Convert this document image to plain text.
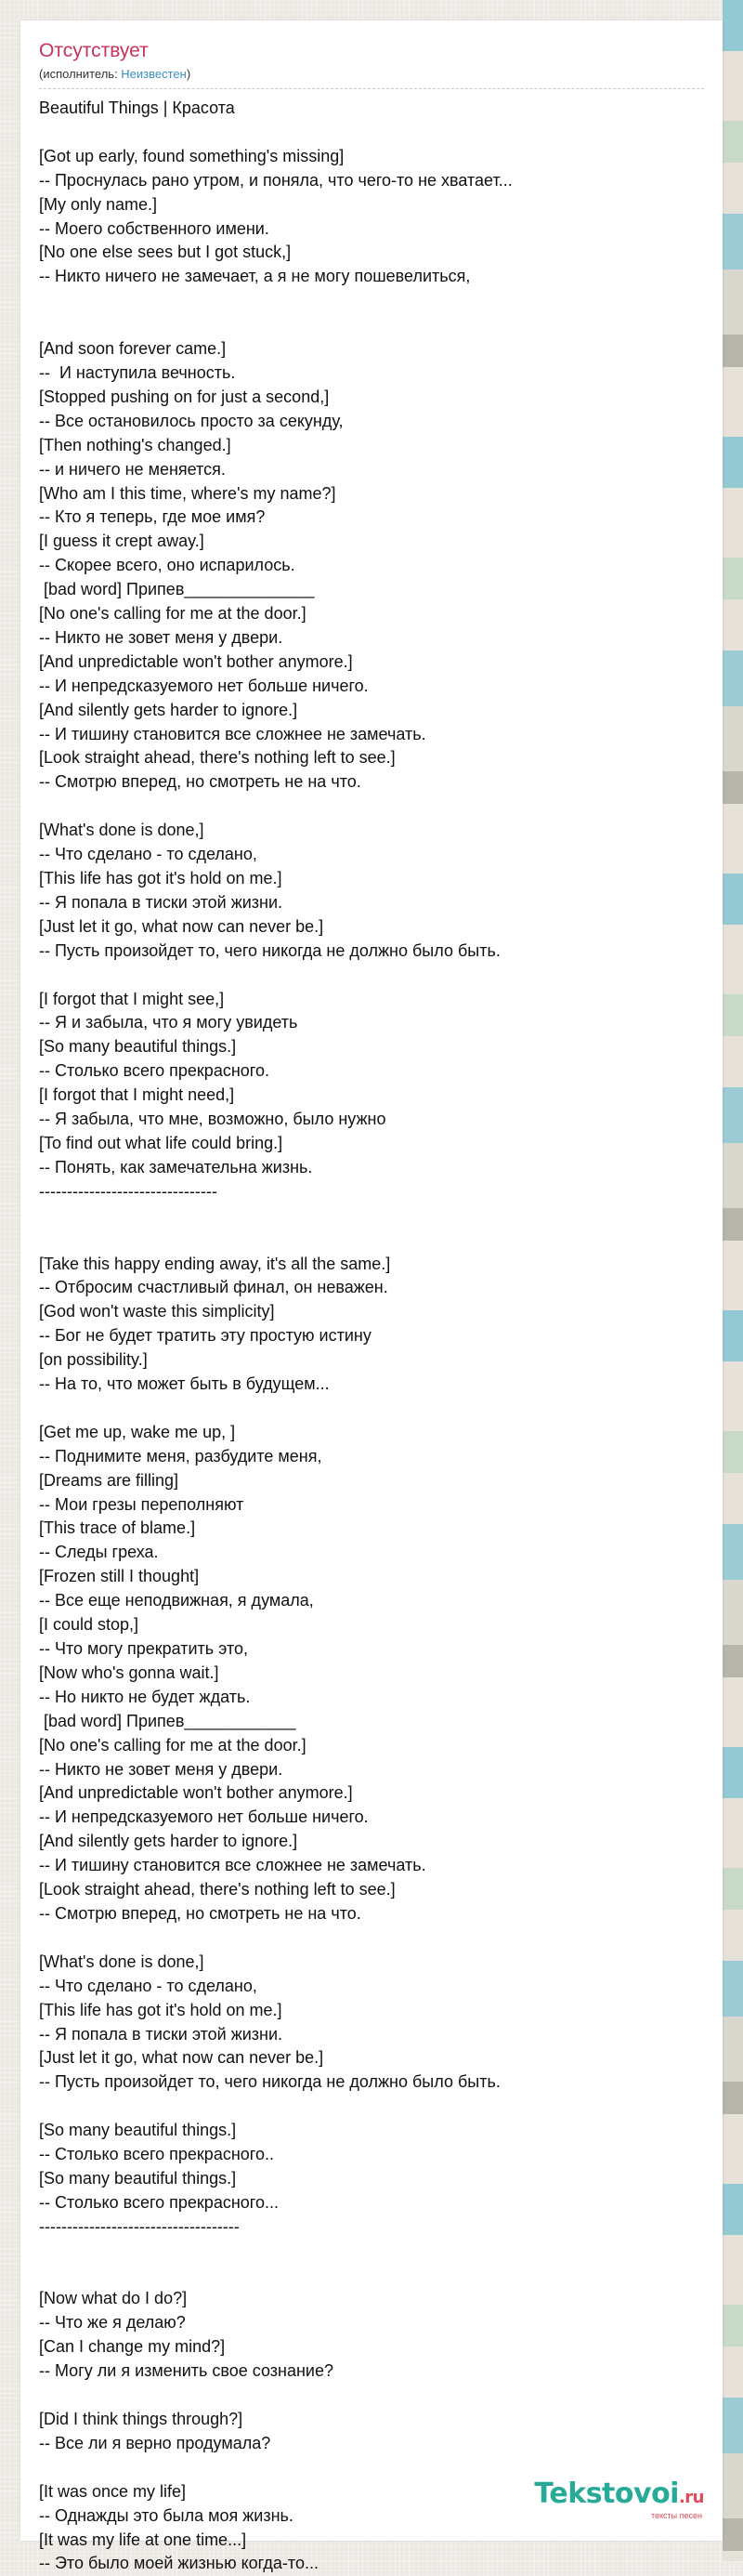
Отсутствует
(исполнитель: Неизвестен)
Beautiful Things | Красота

[Got up early, found something's missing]
-- Проснулась рано утром, и поняла, что чего-то не хватает...
[My only name.]
-- Моего собственного имени.
[No one else sees but I got stuck,]
-- Никто ничего не замечает, а я не могу пошевелиться,

[And soon forever came.]
--  И наступила вечность.
[Stopped pushing on for just a second,]
-- Все остановилось просто за секунду,
[Then nothing's changed.]
-- и ничего не меняется.
[Who am I this time, where's my name?]
-- Кто я теперь, где мое имя?
[I guess it crept away.]
-- Скорее всего, оно испарилось.
[bad word] Припев______________
[No one's calling for me at the door.]
-- Никто не зовет меня у двери.
[And unpredictable won't bother anymore.]
-- И непредсказуемого нет больше ничего.
[And silently gets harder to ignore.]
-- И тишину становится все сложнее не замечать.
[Look straight ahead, there's nothing left to see.]
-- Смотрю вперед, но смотреть не на что.

[What's done is done,]
-- Что сделано - то сделано,
[This life has got it's hold on me.]
-- Я попала в тиски этой жизни.
[Just let it go, what now can never be.]
-- Пусть произойдет то, чего никогда не должно было быть.

[I forgot that I might see,]
-- Я и забыла, что я могу увидеть
[So many beautiful things.]
-- Столько всего прекрасного.
[I forgot that I might need,]
-- Я забыла, что мне, возможно, было нужно
[To find out what life could bring.]
-- Понять, как замечательна жизнь.
--------------------------------

[Take this happy ending away, it's all the same.]
-- Отбросим счастливый финал, он неважен.
[God won't waste this simplicity]
-- Бог не будет тратить эту простую истину
[on possibility.]
-- На то, что может быть в будущем...

[Get me up, wake me up, ]
-- Поднимите меня, разбудите меня,
[Dreams are filling]
-- Мои грезы переполняют
[This trace of blame.]
-- Следы греха.
[Frozen still I thought]
-- Все еще неподвижная, я думала,
[I could stop,]
-- Что могу прекратить это,
[Now who's gonna wait.]
-- Но никто не будет ждать.
[bad word] Припев____________
[No one's calling for me at the door.]
-- Никто не зовет меня у двери.
[And unpredictable won't bother anymore.]
-- И непредсказуемого нет больше ничего.
[And silently gets harder to ignore.]
-- И тишину становится все сложнее не замечать.
[Look straight ahead, there's nothing left to see.]
-- Смотрю вперед, но смотреть не на что.

[What's done is done,]
-- Что сделано - то сделано,
[This life has got it's hold on me.]
-- Я попала в тиски этой жизни.
[Just let it go, what now can never be.]
-- Пусть произойдет то, чего никогда не должно было быть.

[So many beautiful things.]
-- Столько всего прекрасного..
[So many beautiful things.]
-- Столько всего прекрасного...
------------------------------------

[Now what do I do?]
-- Что же я делаю?
[Can I change my mind?]
-- Могу ли я изменить свое сознание?

[Did I think things through?]
-- Все ли я верно продумала?

[It was once my life]
-- Однажды это была моя жизнь.
[It was my life at one time...]
-- Это было моей жизнью когда-то...
Tekstovoi.ru
тексты песен
